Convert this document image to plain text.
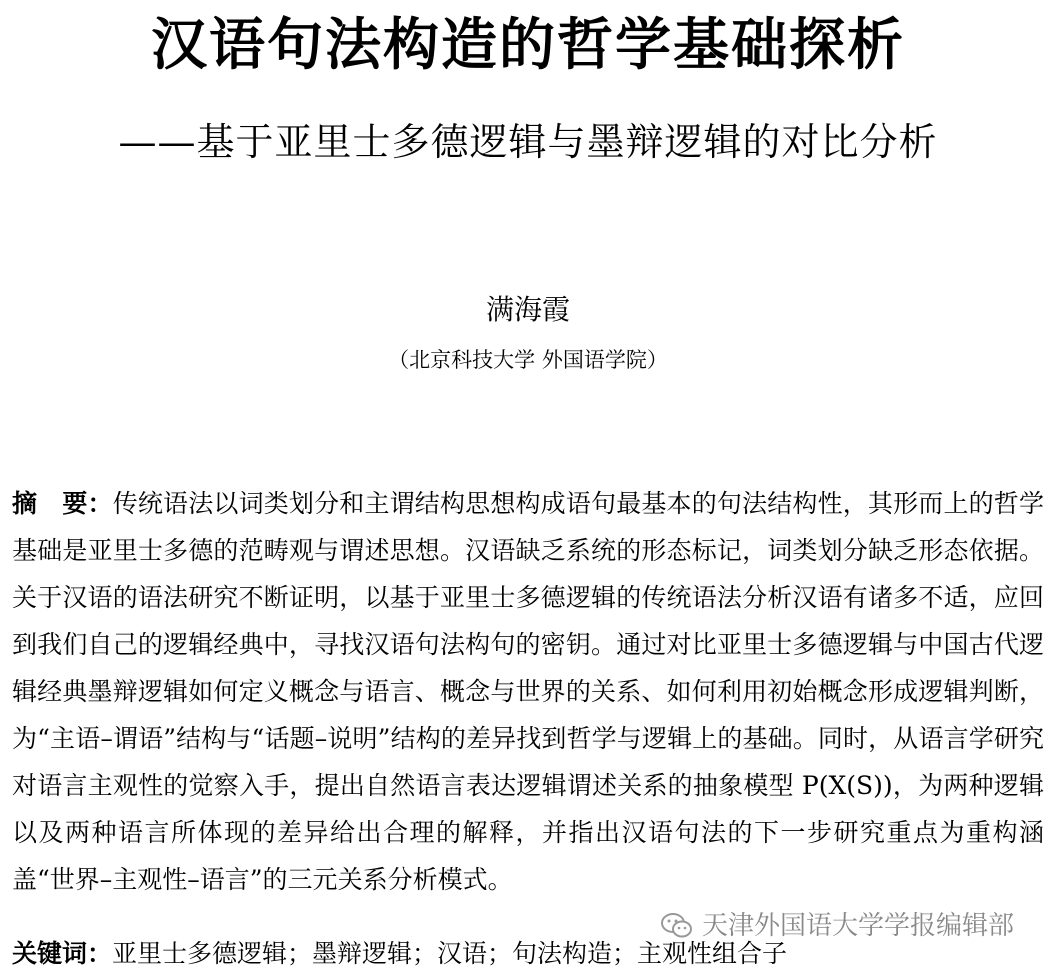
汉语句法构造的哲学基础探析
——基于亚里士多德逻辑与墨辩逻辑的对比分析
满海霞
（北京科技大学 外国语学院）

摘　要：传统语法以词类划分和主谓结构思想构成语句最基本的句法结构性，其形而上的哲学基础是亚里士多德的范畴观与谓述思想。汉语缺乏系统的形态标记，词类划分缺乏形态依据。关于汉语的语法研究不断证明，以基于亚里士多德逻辑的传统语法分析汉语有诸多不适，应回到我们自己的逻辑经典中，寻找汉语句法构句的密钥。通过对比亚里士多德逻辑与中国古代逻辑经典墨辩逻辑如何定义概念与语言、概念与世界的关系、如何利用初始概念形成逻辑判断，为“主语–谓语”结构与“话题–说明”结构的差异找到哲学与逻辑上的基础。同时，从语言学研究对语言主观性的觉察入手，提出自然语言表达逻辑谓述关系的抽象模型 P(X(S))，为两种逻辑以及两种语言所体现的差异给出合理的解释，并指出汉语句法的下一步研究重点为重构涵盖“世界–主观性–语言”的三元关系分析模式。

天津外国语大学学报编辑部
关键词：亚里士多德逻辑；墨辩逻辑；汉语；句法构造；主观性组合子
